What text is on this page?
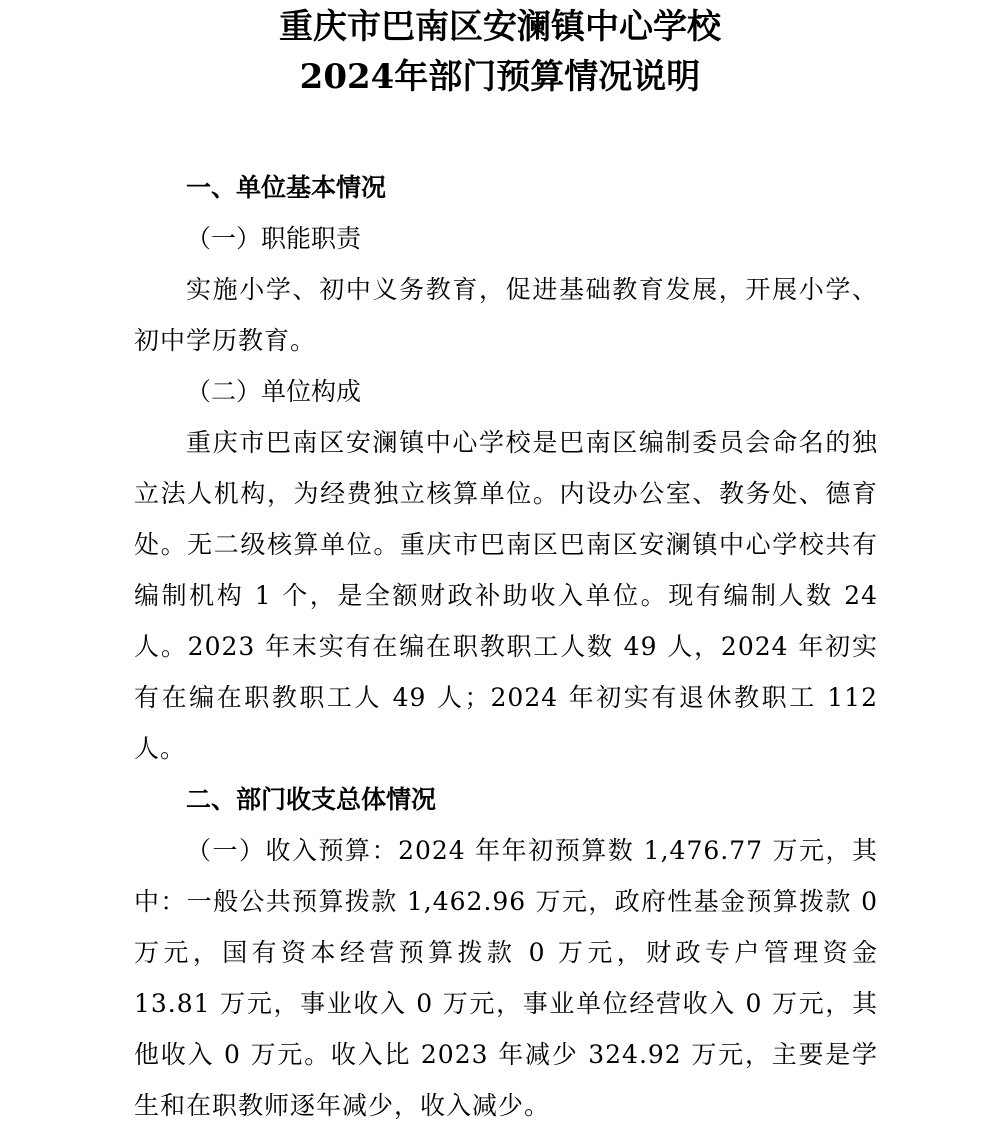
重庆市巴南区安澜镇中心学校
2024年部门预算情况说明

一、单位基本情况

（一）职能职责

实施小学、初中义务教育，促进基础教育发展，开展小学、初中学历教育。

（二）单位构成

重庆市巴南区安澜镇中心学校是巴南区编制委员会命名的独立法人机构，为经费独立核算单位。内设办公室、教务处、德育处。无二级核算单位。重庆市巴南区巴南区安澜镇中心学校共有编制机构 1 个，是全额财政补助收入单位。现有编制人数 24 人。2023 年末实有在编在职教职工人数 49 人，2024 年初实有在编在职教职工人 49 人；2024 年初实有退休教职工 112 人。

二、部门收支总体情况

（一）收入预算：2024 年年初预算数 1,476.77 万元，其中：一般公共预算拨款 1,462.96 万元，政府性基金预算拨款 0 万元，国有资本经营预算拨款 0 万元，财政专户管理资金 13.81 万元，事业收入 0 万元，事业单位经营收入 0 万元，其他收入 0 万元。收入比 2023 年减少 324.92 万元，主要是学生和在职教师逐年减少，收入减少。
